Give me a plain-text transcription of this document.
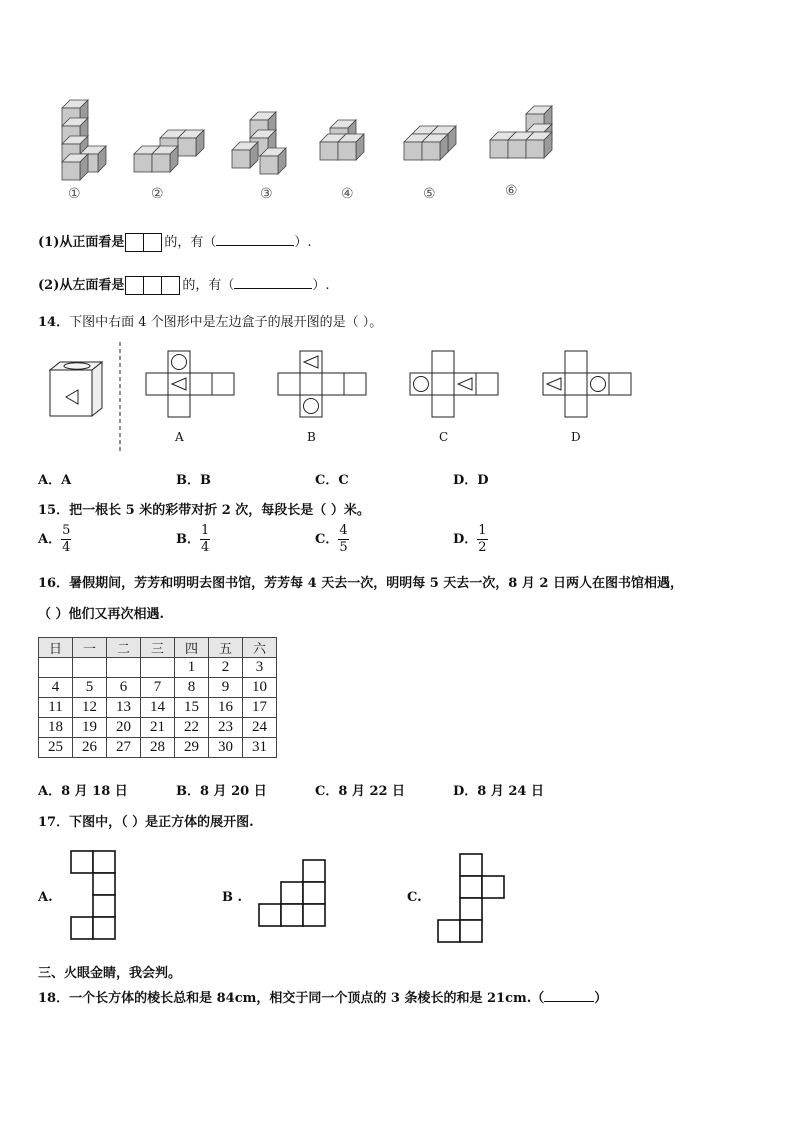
①	②	③	④	⑤	⑥
(1)从正面看是	的，有（	）.
(2)从左面看是	的，有（	）.
14．下图中右面 4 个图形中是左边盒子的展开图的是（ ）。
A	B	C	D
A．A	B．B	C．C	D．D
15．把一根长 5 米的彩带对折 2 次，每段长是（ ）米。
A． $\frac{5}{4}$	B． $\frac{1}{4}$	C． $\frac{4}{5}$	D． $\frac{1}{2}$
16．暑假期间，芳芳和明明去图书馆，芳芳每 4 天去一次，明明每 5 天去一次，8 月 2 日两人在图书馆相遇，
（ ）他们又再次相遇.
日	一	二	三	四	五	六
				1	2	3
4	5	6	7	8	9	10
11	12	13	14	15	16	17
18	19	20	21	22	23	24
25	26	27	28	29	30	31
A．8 月 18 日	B．8 月 20 日	C．8 月 22 日	D．8 月 24 日
17．下图中，（ ）是正方体的展开图.
A.	B .	C.
三、火眼金睛，我会判。
18．一个长方体的棱长总和是 84cm，相交于同一个顶点的 3 条棱长的和是 21cm.（	）
